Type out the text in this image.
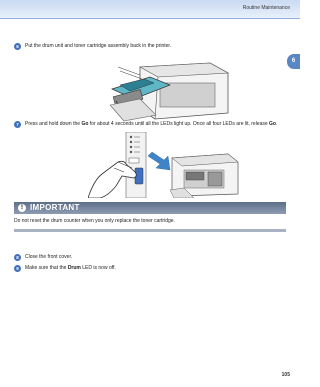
Routine Maintenance
6
6	Put the drum unit and toner cartridge assembly back in the printer.
7	Press and hold down the Go for about 4 seconds until all the LEDs light up. Once all four LEDs are lit, release Go.
! IMPORTANT
Do not reset the drum counter when you only replace the toner cartridge.
8	Close the front cover.
9	Make sure that the Drum LED is now off.
105
